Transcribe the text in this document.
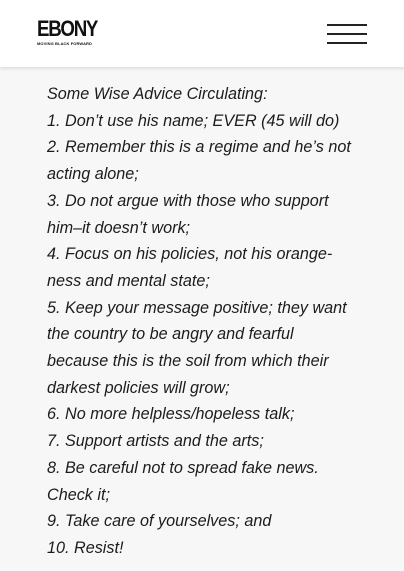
EBONY
MOVING BLACK FORWARD
Some Wise Advice Circulating:
1. Don’t use his name; EVER (45 will do)
2. Remember this is a regime and he’s not
acting alone;
3. Do not argue with those who support
him–it doesn’t work;
4. Focus on his policies, not his orange-
ness and mental state;
5. Keep your message positive; they want
the country to be angry and fearful
because this is the soil from which their
darkest policies will grow;
6. No more helpless/hopeless talk;
7. Support artists and the arts;
8. Be careful not to spread fake news.
Check it;
9. Take care of yourselves; and
10. Resist!
